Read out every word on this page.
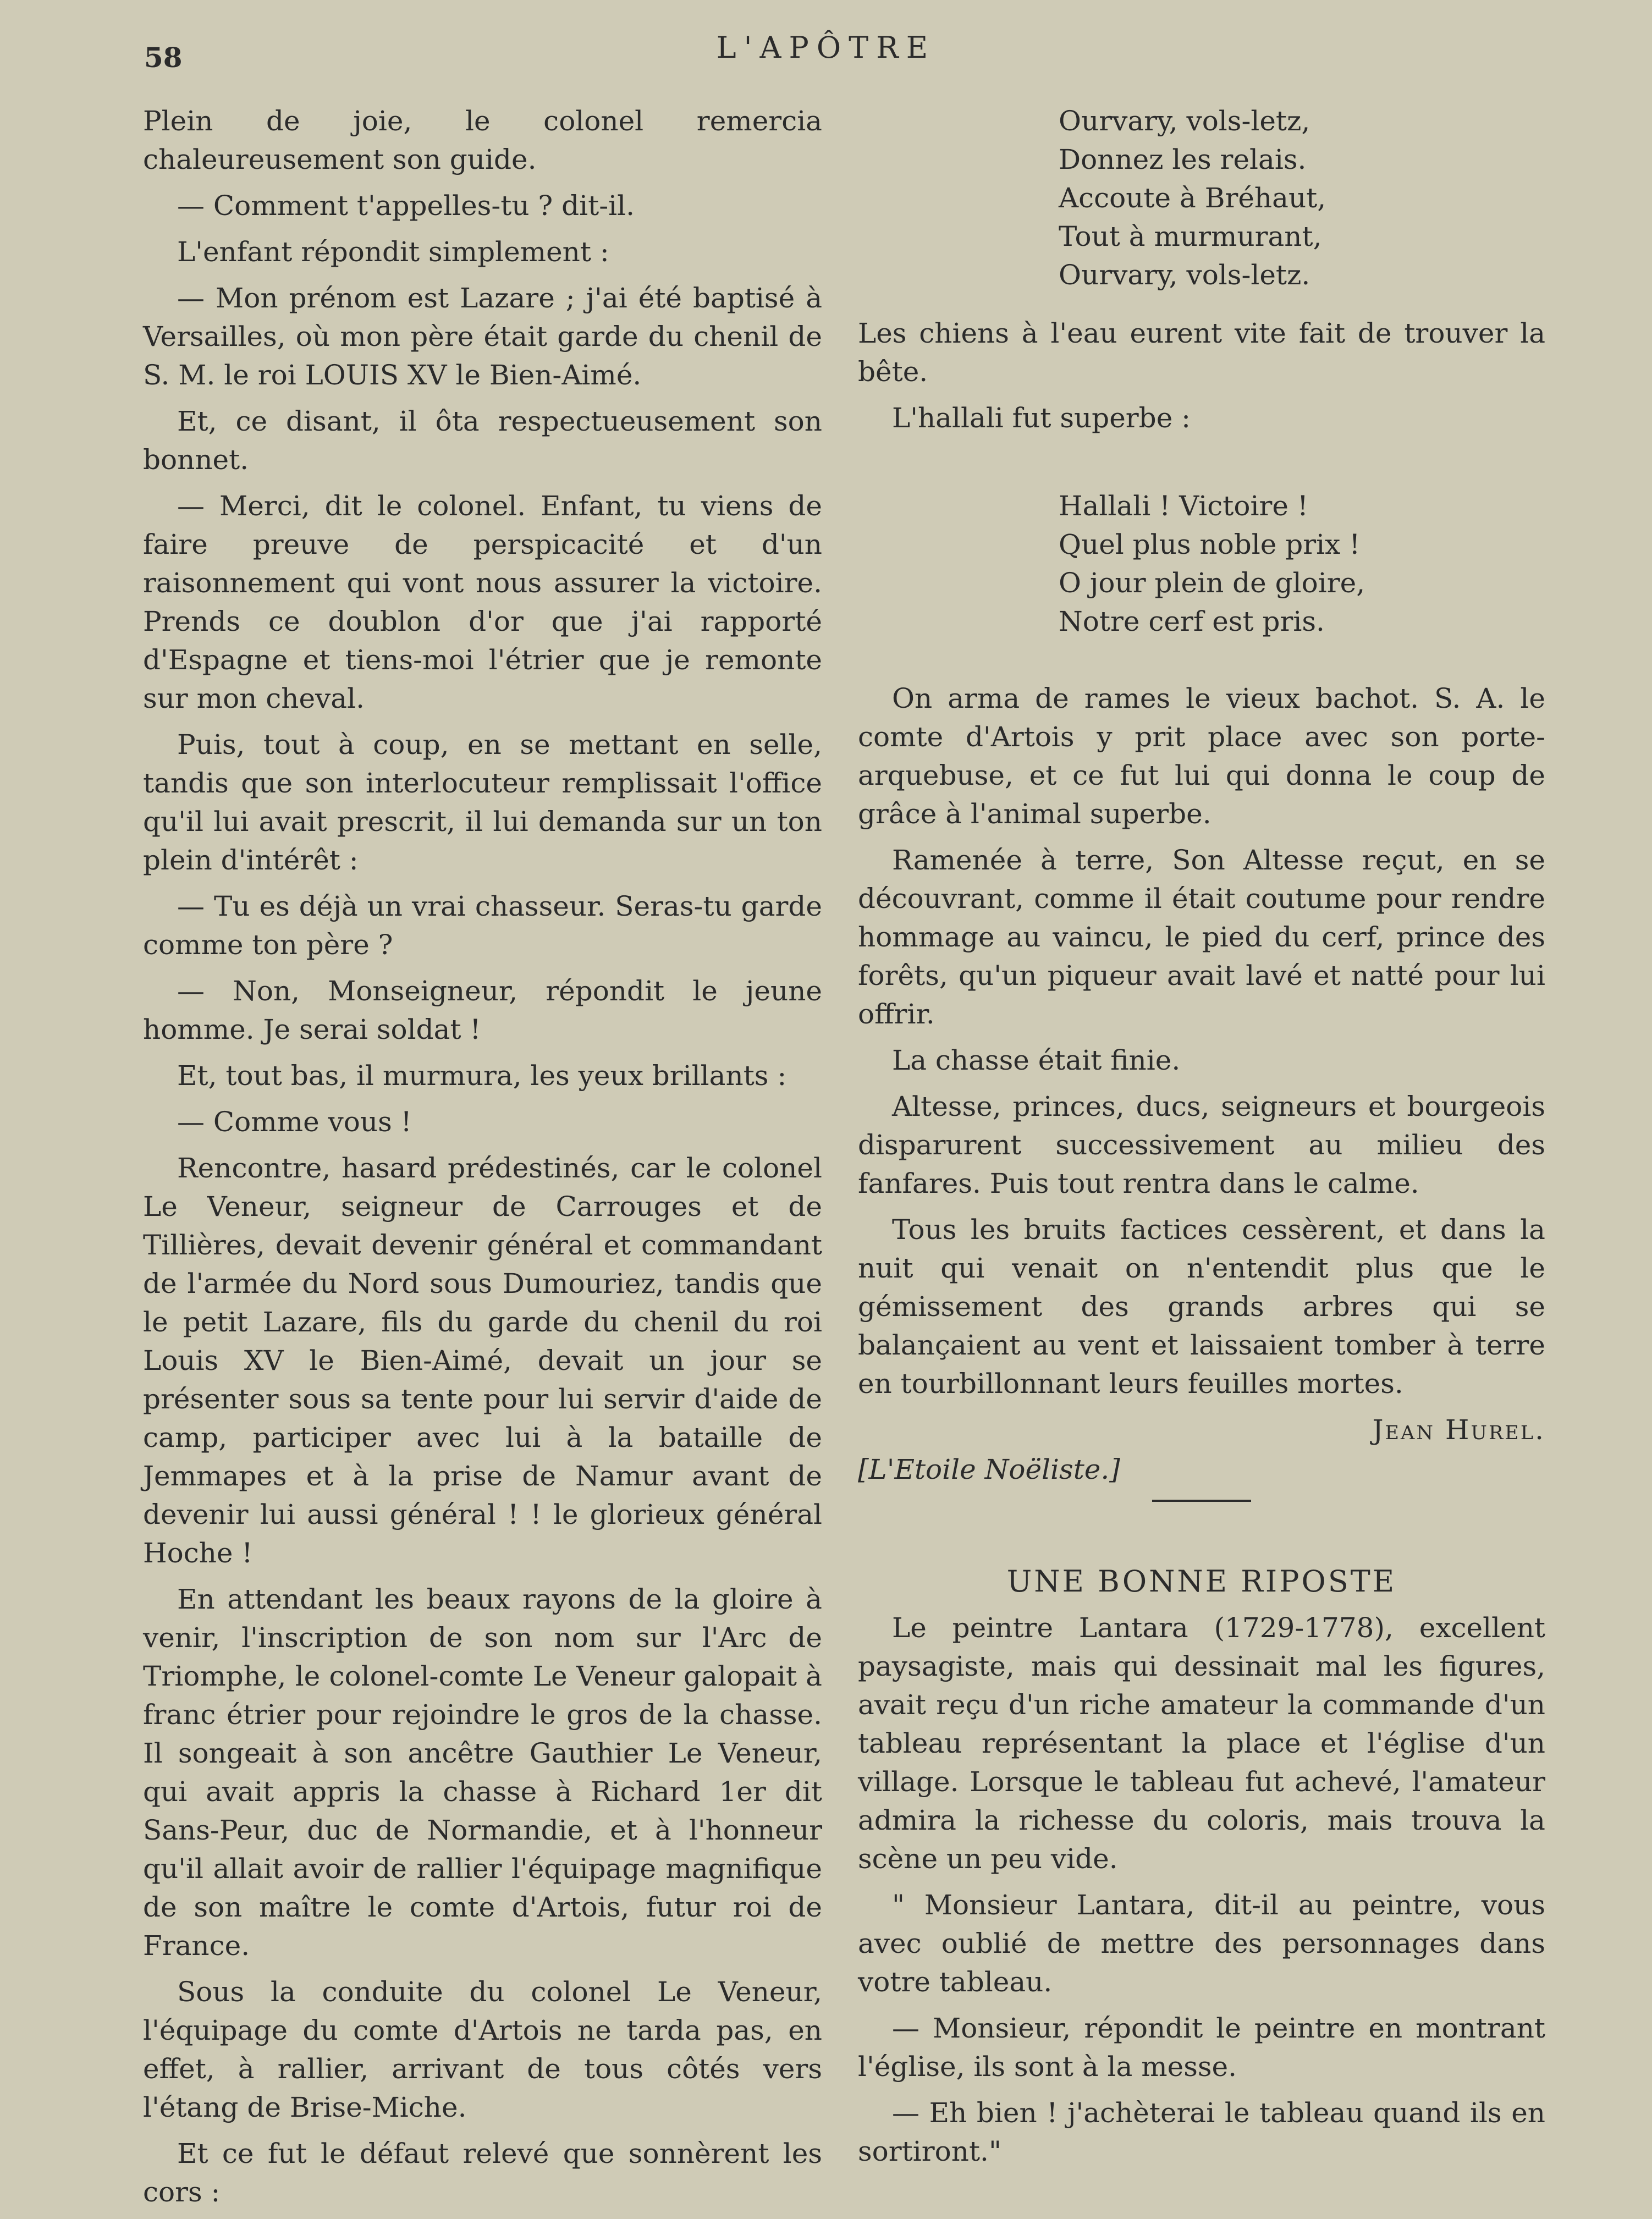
58	L'APÔTRE

Plein de joie, le colonel remercia chaleureusement son guide.

— Comment t'appelles-tu ? dit-il.

L'enfant répondit simplement :

— Mon prénom est Lazare ; j'ai été baptisé à Versailles, où mon père était garde du chenil de S. M. le roi LOUIS XV le Bien-Aimé.

Et, ce disant, il ôta respectueusement son bonnet.

— Merci, dit le colonel. Enfant, tu viens de faire preuve de perspicacité et d'un raisonnement qui vont nous assurer la victoire. Prends ce doublon d'or que j'ai rapporté d'Espagne et tiens-moi l'étrier que je remonte sur mon cheval.

Puis, tout à coup, en se mettant en selle, tandis que son interlocuteur remplissait l'office qu'il lui avait prescrit, il lui demanda sur un ton plein d'intérêt :

— Tu es déjà un vrai chasseur. Seras-tu garde comme ton père ?

— Non, Monseigneur, répondit le jeune homme. Je serai soldat !

Et, tout bas, il murmura, les yeux brillants :

— Comme vous !

Rencontre, hasard prédestinés, car le colonel Le Veneur, seigneur de Carrouges et de Tillières, devait devenir général et commandant de l'armée du Nord sous Dumouriez, tandis que le petit Lazare, fils du garde du chenil du roi Louis XV le Bien-Aimé, devait un jour se présenter sous sa tente pour lui servir d'aide de camp, participer avec lui à la bataille de Jemmapes et à la prise de Namur avant de devenir lui aussi général ! ! le glorieux général Hoche !

En attendant les beaux rayons de la gloire à venir, l'inscription de son nom sur l'Arc de Triomphe, le colonel-comte Le Veneur galopait à franc étrier pour rejoindre le gros de la chasse. Il songeait à son ancêtre Gauthier Le Veneur, qui avait appris la chasse à Richard 1er dit Sans-Peur, duc de Normandie, et à l'honneur qu'il allait avoir de rallier l'équipage magnifique de son maître le comte d'Artois, futur roi de France.

Sous la conduite du colonel Le Veneur, l'équipage du comte d'Artois ne tarda pas, en effet, à rallier, arrivant de tous côtés vers l'étang de Brise-Miche.

Et ce fut le défaut relevé que sonnèrent les cors :

Ourvary, vols-letz,
Donnez les relais.
Accoute à Bréhaut,
Tout à murmurant,
Ourvary, vols-letz.

Les chiens à l'eau eurent vite fait de trouver la bête.

L'hallali fut superbe :

Hallali ! Victoire !
Quel plus noble prix !
O jour plein de gloire,
Notre cerf est pris.

On arma de rames le vieux bachot. S. A. le comte d'Artois y prit place avec son porte-arquebuse, et ce fut lui qui donna le coup de grâce à l'animal superbe.

Ramenée à terre, Son Altesse reçut, en se découvrant, comme il était coutume pour rendre hommage au vaincu, le pied du cerf, prince des forêts, qu'un piqueur avait lavé et natté pour lui offrir.

La chasse était finie.

Altesse, princes, ducs, seigneurs et bourgeois disparurent successivement au milieu des fanfares. Puis tout rentra dans le calme.

Tous les bruits factices cessèrent, et dans la nuit qui venait on n'entendit plus que le gémissement des grands arbres qui se balançaient au vent et laissaient tomber à terre en tourbillonnant leurs feuilles mortes.

Jean Hurel.

[L'Etoile Noëliste.]

UNE BONNE RIPOSTE

Le peintre Lantara (1729-1778), excellent paysagiste, mais qui dessinait mal les figures, avait reçu d'un riche amateur la commande d'un tableau représentant la place et l'église d'un village. Lorsque le tableau fut achevé, l'amateur admira la richesse du coloris, mais trouva la scène un peu vide.

" Monsieur Lantara, dit-il au peintre, vous avec oublié de mettre des personnages dans votre tableau.

— Monsieur, répondit le peintre en montrant l'église, ils sont à la messe.

— Eh bien ! j'achèterai le tableau quand ils en sortiront."
